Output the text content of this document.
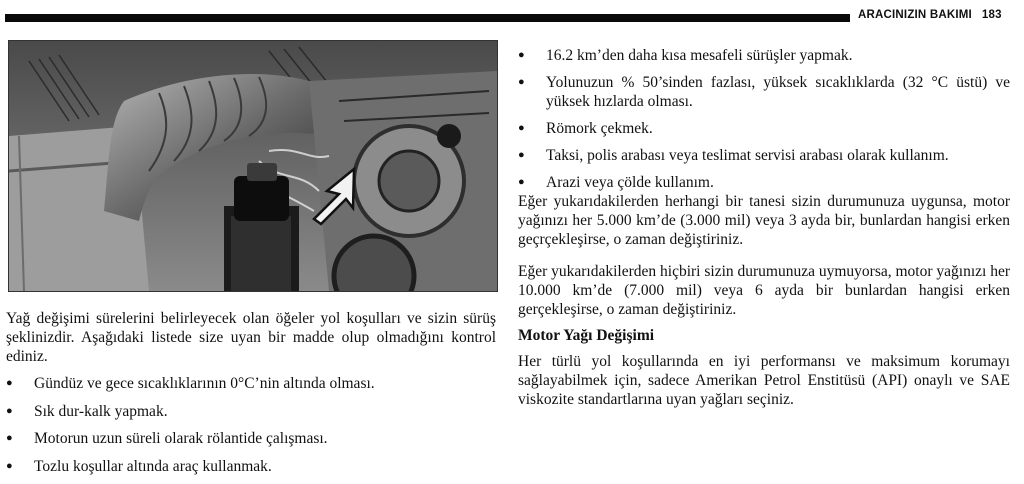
ARACINIZIN BAKIMI 183
Yağ değişimi sürelerini belirleyecek olan öğeler yol koşulları ve sizin sürüş şeklinizdir. Aşağıdaki listede size uyan bir madde olup olmadığını kontrol ediniz.
● Gündüz ve gece sıcaklıklarının 0°C’nin altında olması.
● Sık dur-kalk yapmak.
● Motorun uzun süreli olarak rölantide çalışması.
● Tozlu koşullar altında araç kullanmak.
● 16.2 km’den daha kısa mesafeli sürüşler yapmak.
● Yolunuzun % 50’sinden fazlası, yüksek sıcaklıklarda (32 °C üstü) ve yüksek hızlarda olması.
● Römork çekmek.
● Taksi, polis arabası veya teslimat servisi arabası olarak kullanım.
● Arazi veya çölde kullanım.
Eğer yukarıdakilerden herhangi bir tanesi sizin durumunuza uygunsa, motor yağınızı her 5.000 km’de (3.000 mil) veya 3 ayda bir, bunlardan hangisi erken geçrçekleşirse, o zaman değiştiriniz.
Eğer yukarıdakilerden hiçbiri sizin durumunuza uymuyorsa, motor yağınızı her 10.000 km’de (7.000 mil) veya 6 ayda bir bunlardan hangisi erken gerçekleşirse, o zaman değiştiriniz.
Motor Yağı Değişimi
Her türlü yol koşullarında en iyi performansı ve maksimum korumayı sağlayabilmek için, sadece Amerikan Petrol Enstitüsü (API) onaylı ve SAE viskozite standartlarına uyan yağları seçiniz.
